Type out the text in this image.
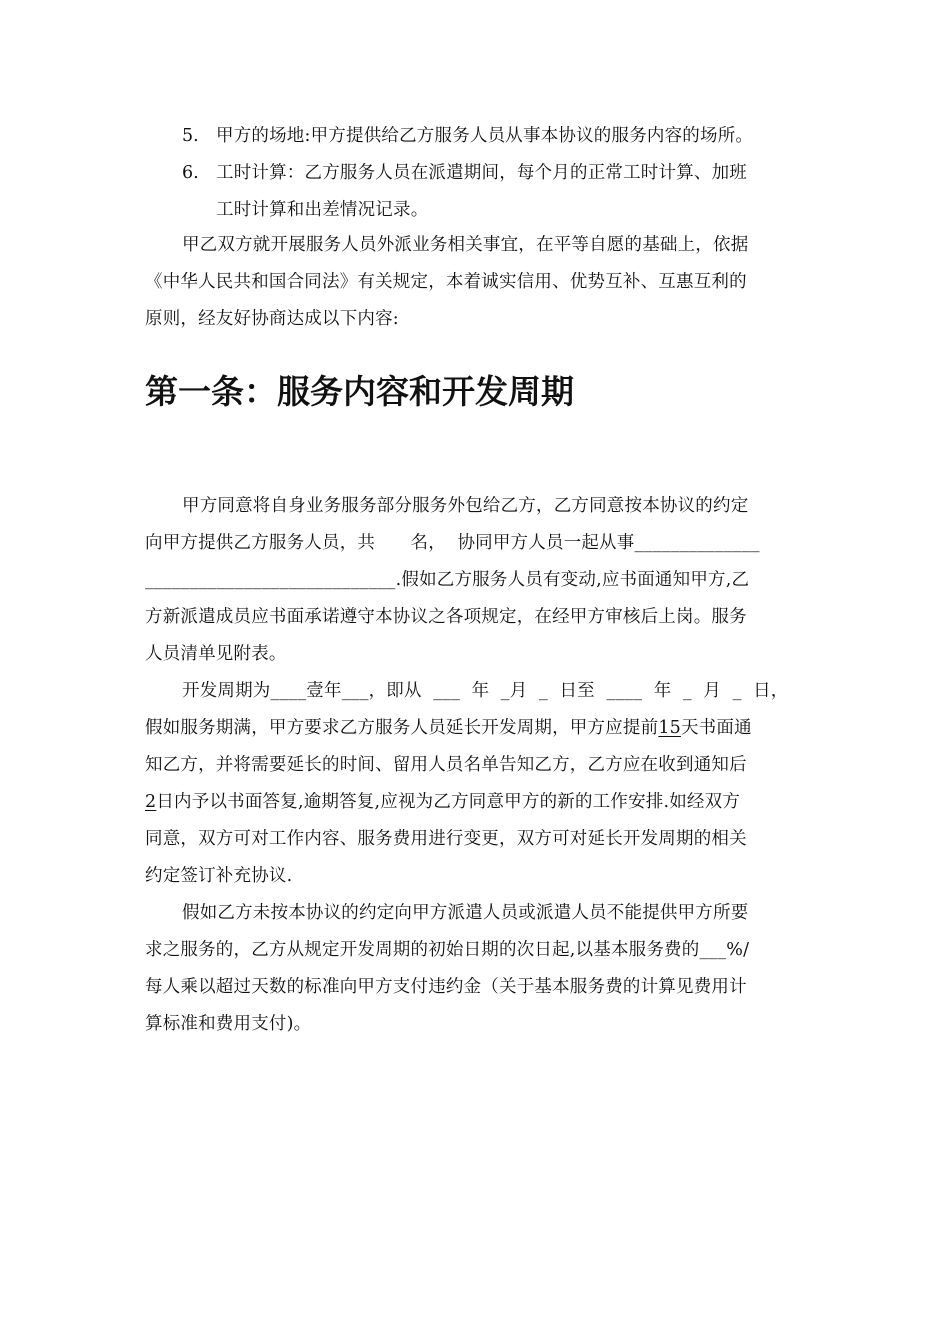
5. 甲方的场地:甲方提供给乙方服务人员从事本协议的服务内容的场所。
6. 工时计算：乙方服务人员在派遣期间，每个月的正常工时计算、加班
工时计算和出差情况记录。
甲乙双方就开展服务人员外派业务相关事宜，在平等自愿的基础上，依据
《中华人民共和国合同法》有关规定，本着诚实信用、优势互补、互惠互利的
原则，经友好协商达成以下内容:
第一条：服务内容和开发周期
甲方同意将自身业务服务部分服务外包给乙方，乙方同意按本协议的约定
向甲方提供乙方服务人员，共　　 名，  协同甲方人员一起从事______________
____________________________.假如乙方服务人员有变动,应书面通知甲方,乙
方新派遣成员应书面承诺遵守本协议之各项规定，在经甲方审核后上岗。服务
人员清单见附表。
开发周期为____壹年___，即从  ___  年  _月  _  日至  ____  年  _  月  _  日，
假如服务期满，甲方要求乙方服务人员延长开发周期，甲方应提前15天书面通
知乙方，并将需要延长的时间、留用人员名单告知乙方，乙方应在收到通知后
2日内予以书面答复,逾期答复,应视为乙方同意甲方的新的工作安排.如经双方
同意，双方可对工作内容、服务费用进行变更，双方可对延长开发周期的相关
约定签订补充协议.
假如乙方未按本协议的约定向甲方派遣人员或派遣人员不能提供甲方所要
求之服务的，乙方从规定开发周期的初始日期的次日起,以基本服务费的___%/
每人乘以超过天数的标准向甲方支付违约金（关于基本服务费的计算见费用计
算标准和费用支付)。
